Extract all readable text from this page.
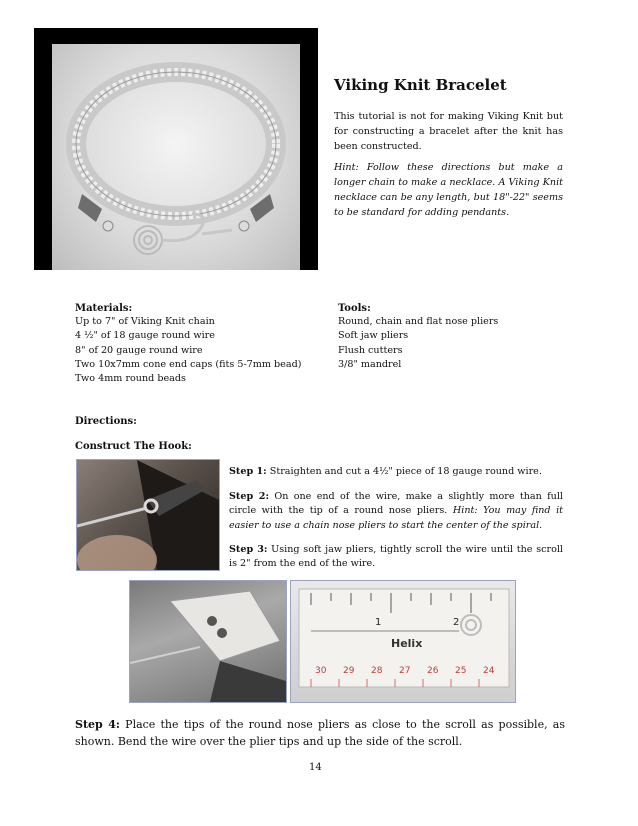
Viking Knit Bracelet
This tutorial is not for making Viking Knit but for constructing a bracelet after the knit has been constructed.
Hint: Follow these directions but make a longer chain to make a necklace. A Viking Knit necklace can be any length, but 18"-22" seems to be standard for adding pendants.
Materials:
Up to 7" of Viking Knit chain
4 ½" of 18 gauge round wire
8" of 20 gauge round wire
Two 10x7mm cone end caps (fits 5-7mm bead)
Two 4mm round beads
Tools:
Round, chain and flat nose pliers
Soft jaw pliers
Flush cutters
3/8" mandrel
Directions:
Construct The Hook:
Step 1: Straighten and cut a 4½" piece of 18 gauge round wire.
Step 2: On one end of the wire, make a slightly more than full circle with the tip of a round nose pliers. Hint: You may find it easier to use a chain nose pliers to start the center of the spiral.
Step 3: Using soft jaw pliers, tightly scroll the wire until the scroll is 2" from the end of the wire.
1	2
Helix
30 29 28 27 26 25 24
Step 4: Place the tips of the round nose pliers as close to the scroll as possible, as shown. Bend the wire over the plier tips and up the side of the scroll.
14
